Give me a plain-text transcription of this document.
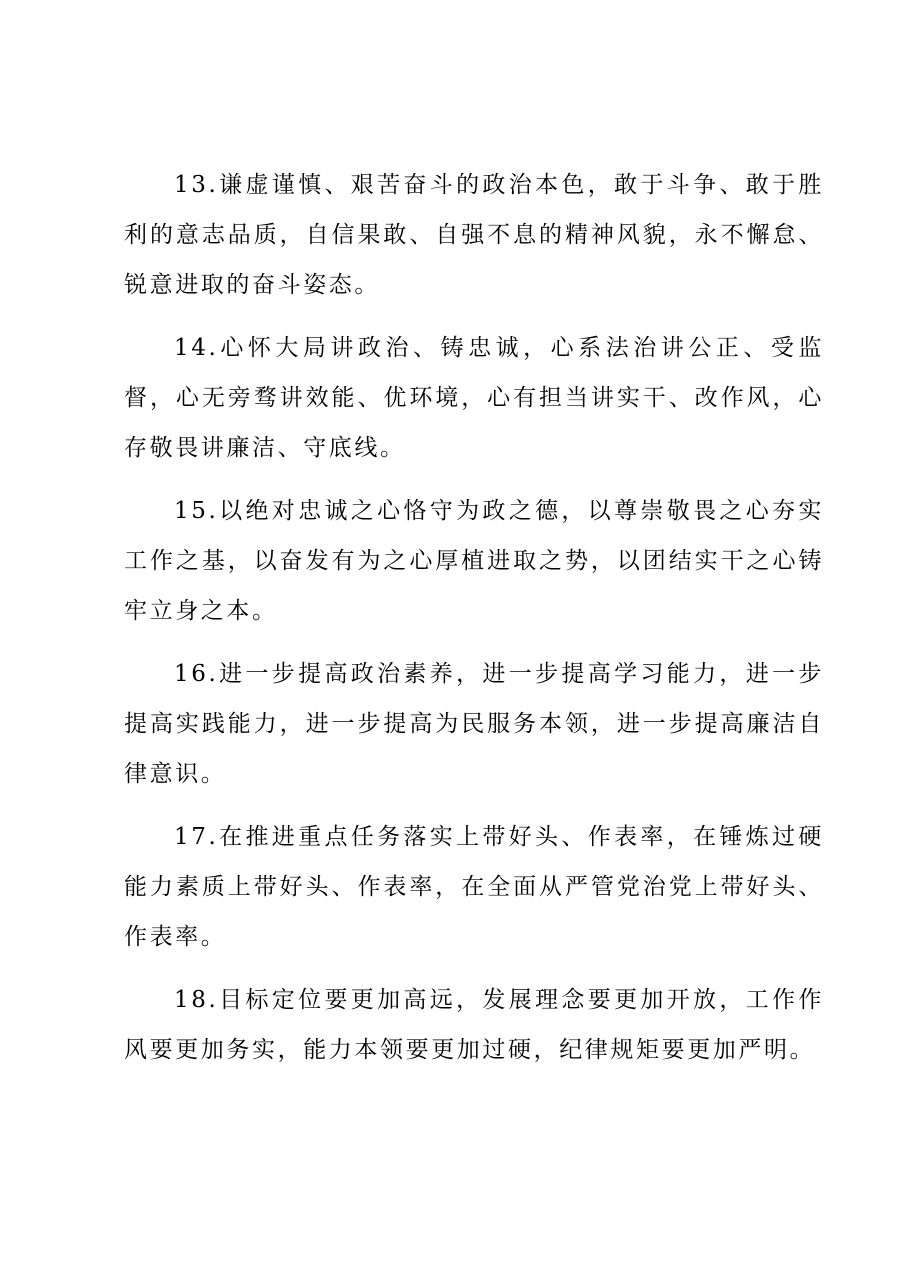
13.谦虚谨慎、艰苦奋斗的政治本色，敢于斗争、敢于胜利的意志品质，自信果敢、自强不息的精神风貌，永不懈怠、锐意进取的奋斗姿态。

14.心怀大局讲政治、铸忠诚，心系法治讲公正、受监督，心无旁骛讲效能、优环境，心有担当讲实干、改作风，心存敬畏讲廉洁、守底线。

15.以绝对忠诚之心恪守为政之德，以尊崇敬畏之心夯实工作之基，以奋发有为之心厚植进取之势，以团结实干之心铸牢立身之本。

16.进一步提高政治素养，进一步提高学习能力，进一步提高实践能力，进一步提高为民服务本领，进一步提高廉洁自律意识。

17.在推进重点任务落实上带好头、作表率，在锤炼过硬能力素质上带好头、作表率，在全面从严管党治党上带好头、作表率。

18.目标定位要更加高远，发展理念要更加开放，工作作风要更加务实，能力本领要更加过硬，纪律规矩要更加严明。
